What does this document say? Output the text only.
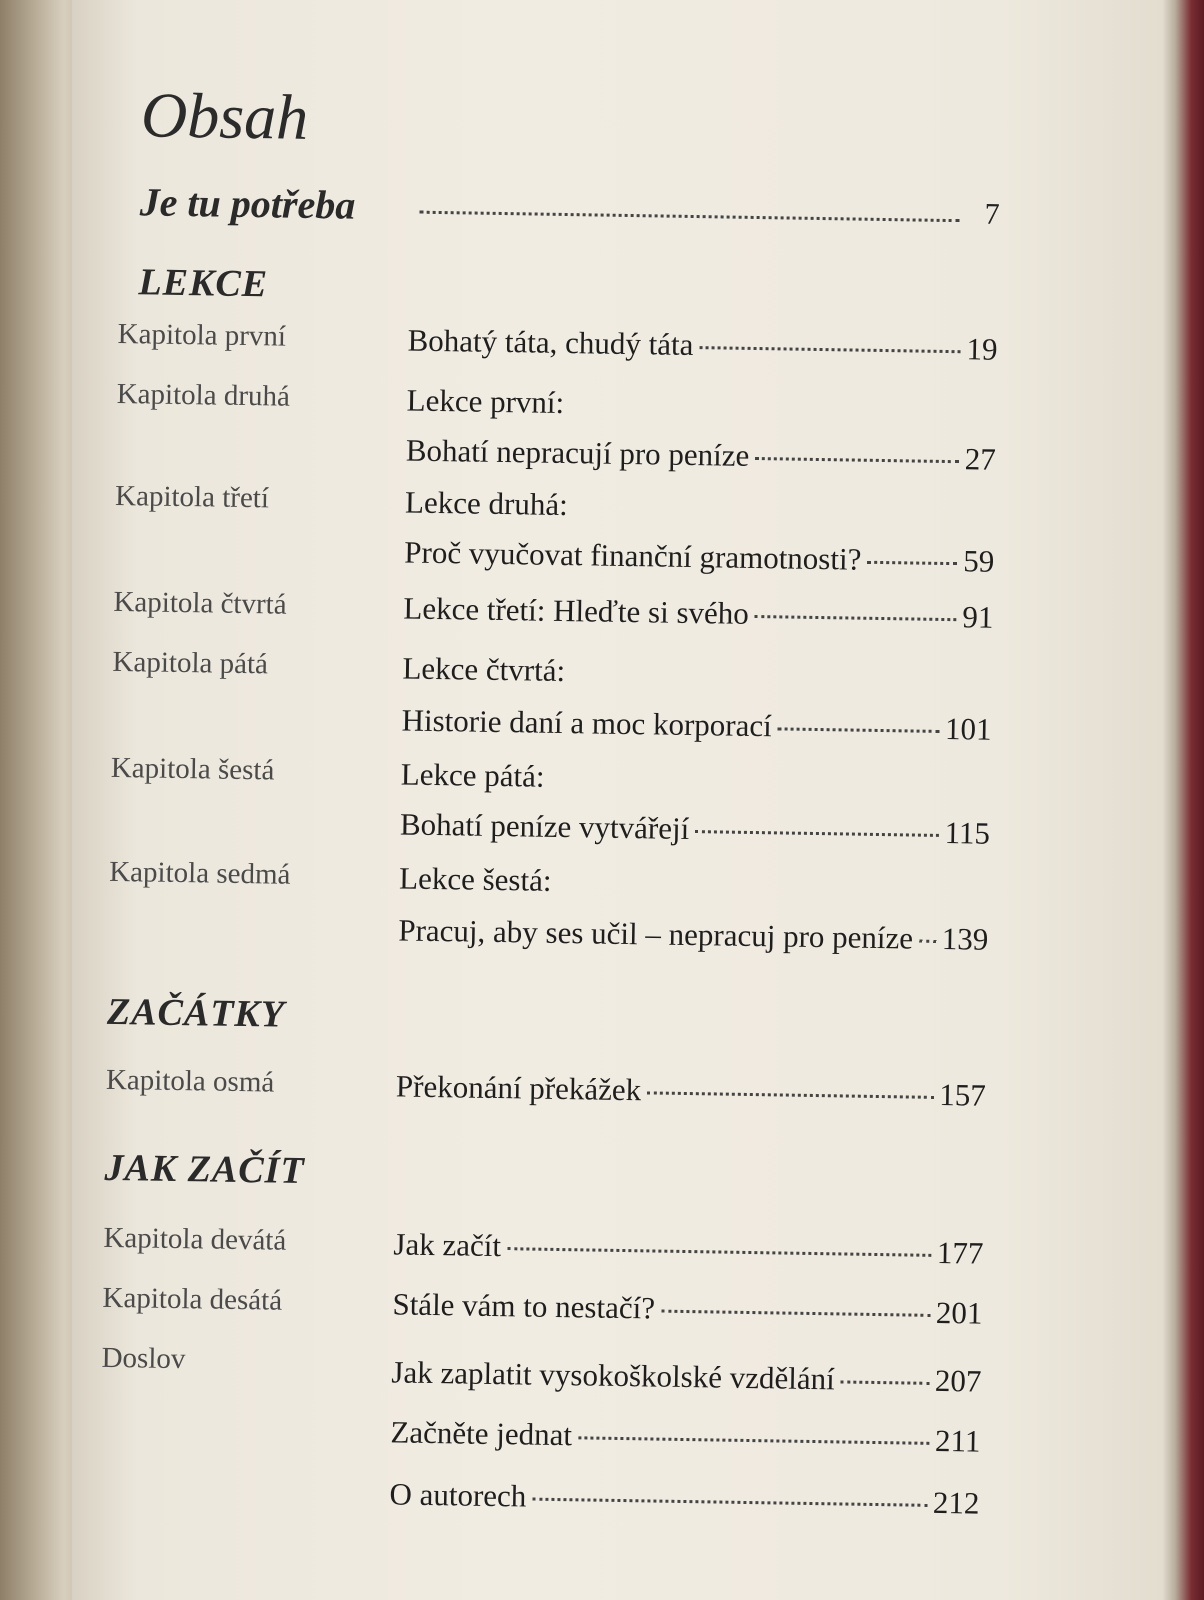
Obsah
Je tu potřeba	7
LEKCE
Kapitola první	Bohatý táta, chudý táta	19
Kapitola druhá	Lekce první:
Bohatí nepracují pro peníze	27
Kapitola třetí	Lekce druhá:
Proč vyučovat finanční gramotnosti?	59
Kapitola čtvrtá	Lekce třetí: Hleďte si svého	91
Kapitola pátá	Lekce čtvrtá:
Historie daní a moc korporací	101
Kapitola šestá	Lekce pátá:
Bohatí peníze vytvářejí	115
Kapitola sedmá	Lekce šestá:
Pracuj, aby ses učil – nepracuj pro peníze 139
ZAČÁTKY
Kapitola osmá	Překonání překážek	157
JAK ZAČÍT
Kapitola devátá	Jak začít	177
Kapitola desátá	Stále vám to nestačí?	201
Doslov	Jak zaplatit vysokoškolské vzdělání	207
Začněte jednat	211
O autorech	212
